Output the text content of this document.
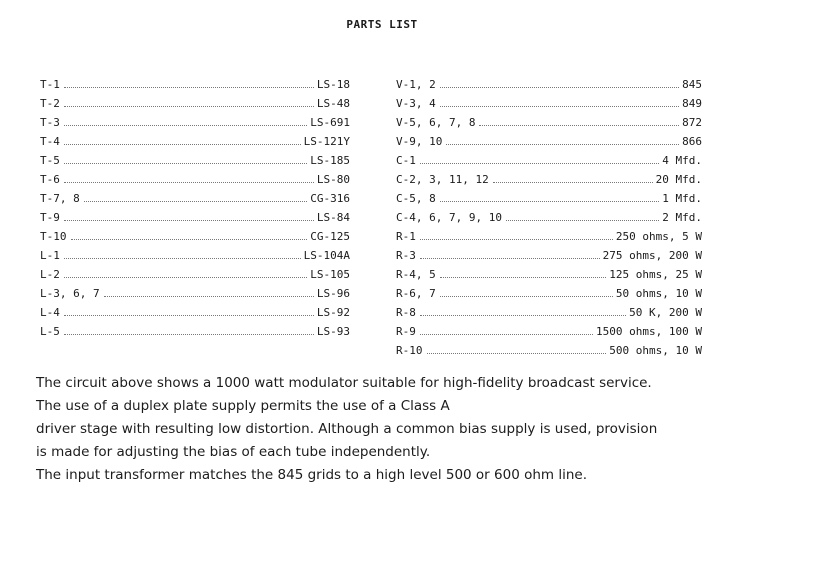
PARTS LIST
T-1	LS-18
T-2	LS-48
T-3	LS-691
T-4	LS-121Y
T-5	LS-185
T-6	LS-80
T-7, 8	CG-316
T-9	LS-84
T-10	CG-125
L-1	LS-104A
L-2	LS-105
L-3, 6, 7	LS-96
L-4	LS-92
L-5	LS-93
V-1, 2	845
V-3, 4	849
V-5, 6, 7, 8	872
V-9, 10	866
C-1	4 Mfd.
C-2, 3, 11, 12	20 Mfd.
C-5, 8	1 Mfd.
C-4, 6, 7, 9, 10	2 Mfd.
R-1	250 ohms, 5 W
R-3	275 ohms, 200 W
R-4, 5	125 ohms, 25 W
R-6, 7	50 ohms, 10 W
R-8	50 K, 200 W
R-9	1500 ohms, 100 W
R-10	500 ohms, 10 W

The circuit above shows a 1000 watt modulator suitable for high-fidelity broadcast service.

The use of a duplex plate supply permits the use of a Class A

driver stage with resulting low distortion. Although a common bias supply is used, provision

is made for adjusting the bias of each tube independently.

The input transformer matches the 845 grids to a high level 500 or 600 ohm line.
